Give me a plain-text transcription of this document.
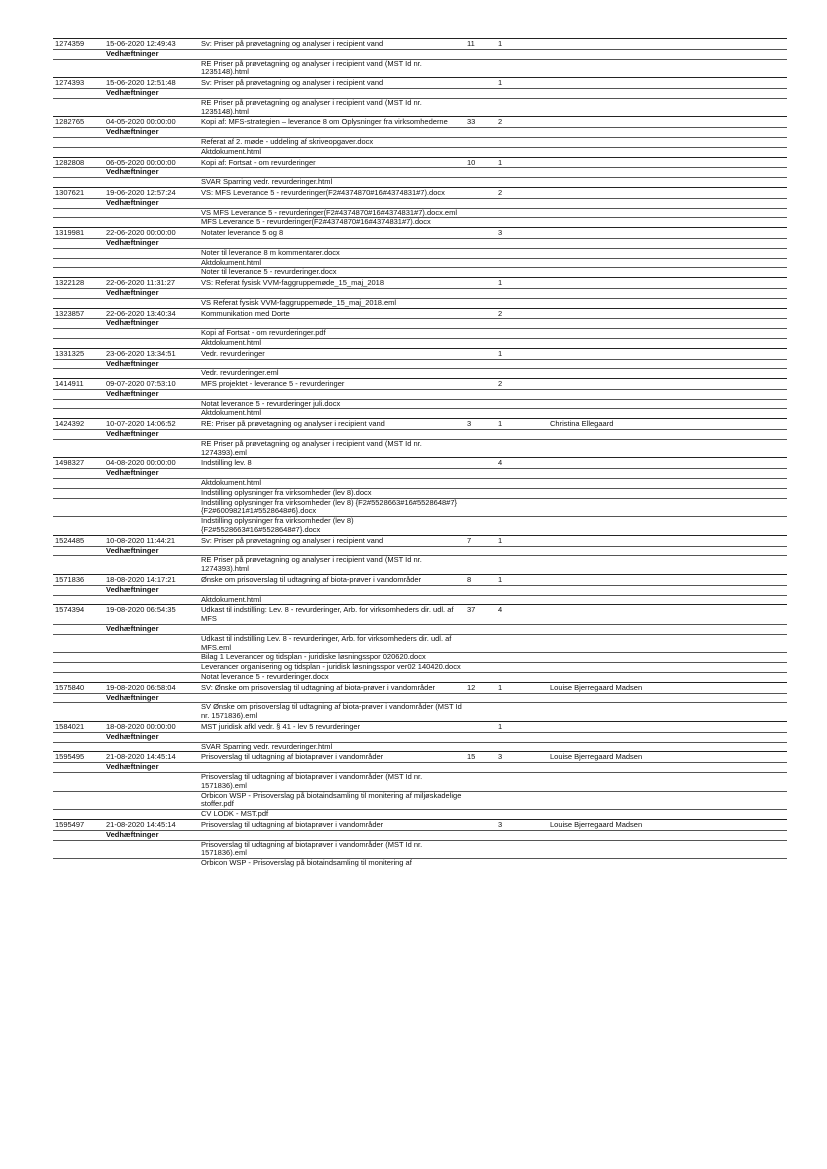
1274359	15-06-2020 12:49:43	Sv: Priser på prøvetagning og analyser i recipient vand	11	1	
	Vedhæftninger				
		RE Priser på prøvetagning og analyser i recipient vand (MST Id nr. 1235148).html			
1274393	15-06-2020 12:51:48	Sv: Priser på prøvetagning og analyser i recipient vand		1	
	Vedhæftninger				
		RE Priser på prøvetagning og analyser i recipient vand (MST Id nr. 1235148).html			
1282765	04-05-2020 00:00:00	Kopi af: MFS-strategien – leverance 8 om Oplysninger fra virksomhederne	33	2	
	Vedhæftninger				
		Referat af 2. møde - uddeling af skriveopgaver.docx			
		Aktdokument.html			
1282808	06-05-2020 00:00:00	Kopi af: Fortsat - om revurderinger	10	1	
	Vedhæftninger				
		SVAR Sparring vedr. revurderinger.html			
1307621	19-06-2020 12:57:24	VS: MFS Leverance 5 - revurderinger(F2#4374870#16#4374831#7).docx		2	
	Vedhæftninger				
		VS MFS Leverance 5 - revurderinger(F2#4374870#16#4374831#7).docx.eml			
		MFS Leverance 5 - revurderinger(F2#4374870#16#4374831#7).docx			
1319981	22-06-2020 00:00:00	Notater leverance 5 og 8		3	
	Vedhæftninger				
		Noter til leverance 8 m kommentarer.docx			
		Aktdokument.html			
		Noter til leverance 5 - revurderinger.docx			
1322128	22-06-2020 11:31:27	VS: Referat fysisk VVM-faggruppemøde_15_maj_2018		1	
	Vedhæftninger				
		VS Referat fysisk VVM-faggruppemøde_15_maj_2018.eml			
1323857	22-06-2020 13:40:34	Kommunikation med Dorte		2	
	Vedhæftninger				
		Kopi af Fortsat - om revurderinger.pdf			
		Aktdokument.html			
1331325	23-06-2020 13:34:51	Vedr. revurderinger		1	
	Vedhæftninger				
		Vedr. revurderinger.eml			
1414911	09-07-2020 07:53:10	MFS projektet - leverance 5 - revurderinger		2	
	Vedhæftninger				
		Notat leverance 5 - revurderinger juli.docx			
		Aktdokument.html			
1424392	10-07-2020 14:06:52	RE: Priser på prøvetagning og analyser i recipient vand	3	1	Christina Ellegaard
	Vedhæftninger				
		RE Priser på prøvetagning og analyser i recipient vand (MST Id nr. 1274393).eml			
1498327	04-08-2020 00:00:00	Indstilling lev. 8		4	
	Vedhæftninger				
		Aktdokument.html			
		Indstilling oplysninger fra virksomheder (lev 8).docx			
		Indstilling oplysninger fra virksomheder (lev 8) {F2#5528663#16#5528648#7} {F2#6009821#1#5528648#6}.docx			
		Indstilling oplysninger fra virksomheder (lev 8) {F2#5528663#16#5528648#7}.docx			
1524485	10-08-2020 11:44:21	Sv: Priser på prøvetagning og analyser i recipient vand	7	1	
	Vedhæftninger				
		RE Priser på prøvetagning og analyser i recipient vand (MST Id nr. 1274393).html			
1571836	18-08-2020 14:17:21	Ønske om prisoverslag til udtagning af biota-prøver i vandområder	8	1	
	Vedhæftninger				
		Aktdokument.html			
1574394	19-08-2020 06:54:35	Udkast til indstilling: Lev. 8 - revurderinger, Arb. for virksomheders dir. udl. af MFS	37	4	
	Vedhæftninger				
		Udkast til indstilling Lev. 8 - revurderinger, Arb. for virksomheders dir. udl. af MFS.eml			
		Bilag 1 Leverancer og tidsplan - juridiske løsningsspor 020620.docx			
		Leverancer organisering og tidsplan - juridisk løsningsspor ver02 140420.docx			
		Notat leverance 5 - revurderinger.docx			
1575840	19-08-2020 06:58:04	SV: Ønske om prisoverslag til udtagning af biota-prøver i vandområder	12	1	Louise Bjerregaard Madsen
	Vedhæftninger				
		SV Ønske om prisoverslag til udtagning af biota-prøver i vandområder (MST Id nr. 1571836).eml			
1584021	18-08-2020 00:00:00	MST juridisk afkl vedr. § 41 - lev 5 revurderinger		1	
	Vedhæftninger				
		SVAR Sparring vedr. revurderinger.html			
1595495	21-08-2020 14:45:14	Prisoverslag til udtagning af biotaprøver i vandområder	15	3	Louise Bjerregaard Madsen
	Vedhæftninger				
		Prisoverslag til udtagning af biotaprøver i vandområder (MST Id nr. 1571836).eml			
		Orbicon WSP - Prisoverslag på biotaindsamling til monitering af miljøskadelige stoffer.pdf			
		CV LODK - MST.pdf			
1595497	21-08-2020 14:45:14	Prisoverslag til udtagning af biotaprøver i vandområder		3	Louise Bjerregaard Madsen
	Vedhæftninger				
		Prisoverslag til udtagning af biotaprøver i vandområder (MST Id nr. 1571836).eml			
		Orbicon WSP - Prisoverslag på biotaindsamling til monitering af			
